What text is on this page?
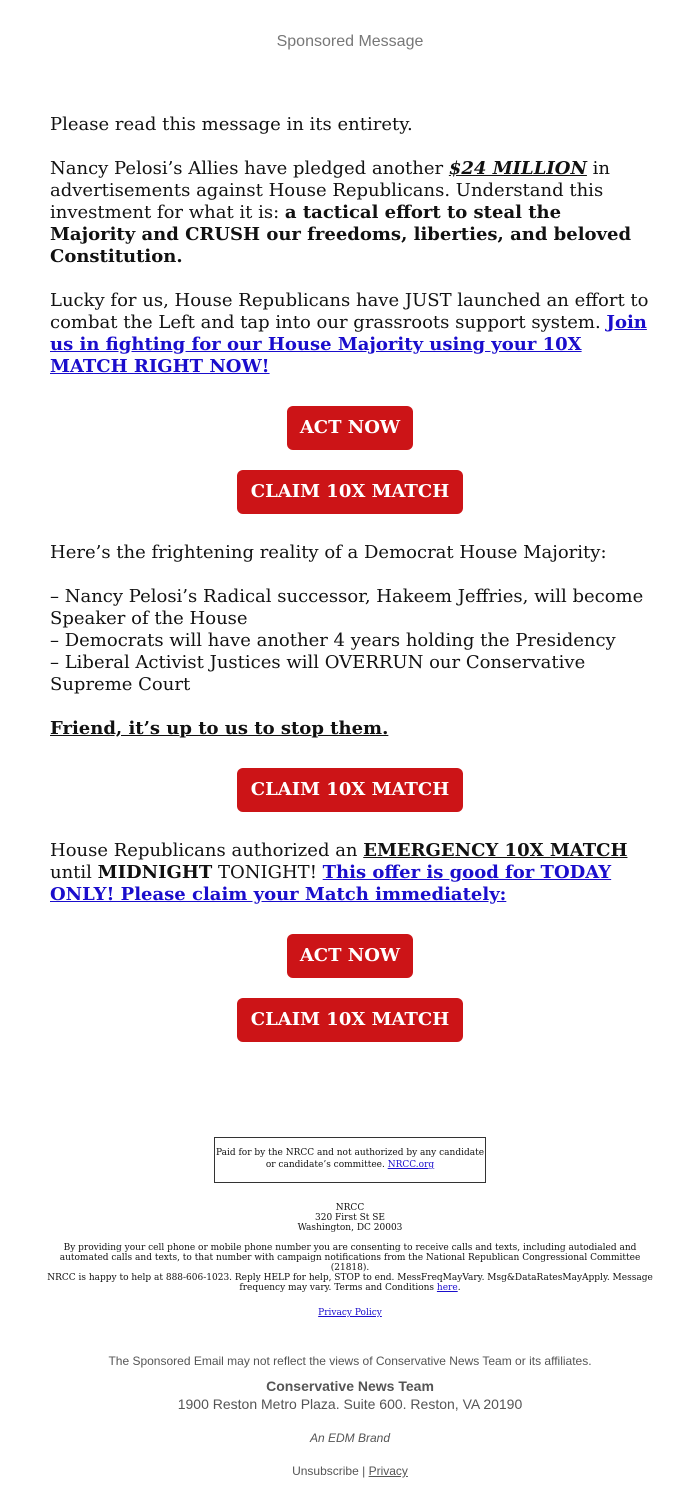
Sponsored Message

Please read this message in its entirety.

Nancy Pelosi’s Allies have pledged another $24 MILLION in advertisements against House Republicans. Understand this investment for what it is: a tactical effort to steal the Majority and CRUSH our freedoms, liberties, and beloved Constitution.

Lucky for us, House Republicans have JUST launched an effort to combat the Left and tap into our grassroots support system. Join us in fighting for our House Majority using your 10X MATCH RIGHT NOW!

ACT NOW
CLAIM 10X MATCH

Here’s the frightening reality of a Democrat House Majority:

– Nancy Pelosi’s Radical successor, Hakeem Jeffries, will become Speaker of the House

– Democrats will have another 4 years holding the Presidency

– Liberal Activist Justices will OVERRUN our Conservative Supreme Court

Friend, it’s up to us to stop them.

CLAIM 10X MATCH

House Republicans authorized an EMERGENCY 10X MATCH until MIDNIGHT TONIGHT! This offer is good for TODAY ONLY! Please claim your Match immediately:

ACT NOW
CLAIM 10X MATCH
Paid for by the NRCC and not authorized by any candidate or candidate’s committee. NRCC.org
NRCC
320 First St SE
Washington, DC 20003
By providing your cell phone or mobile phone number you are consenting to receive calls and texts, including autodialed and automated calls and texts, to that number with campaign notifications from the National Republican Congressional Committee (21818).
NRCC is happy to help at 888-606-1023. Reply HELP for help, STOP to end. MessFreqMayVary. Msg&DataRatesMayApply. Message frequency may vary. Terms and Conditions here.
Privacy Policy
The Sponsored Email may not reflect the views of Conservative News Team or its affiliates.
Conservative News Team
1900 Reston Metro Plaza. Suite 600. Reston, VA 20190
An EDM Brand
Unsubscribe | Privacy
